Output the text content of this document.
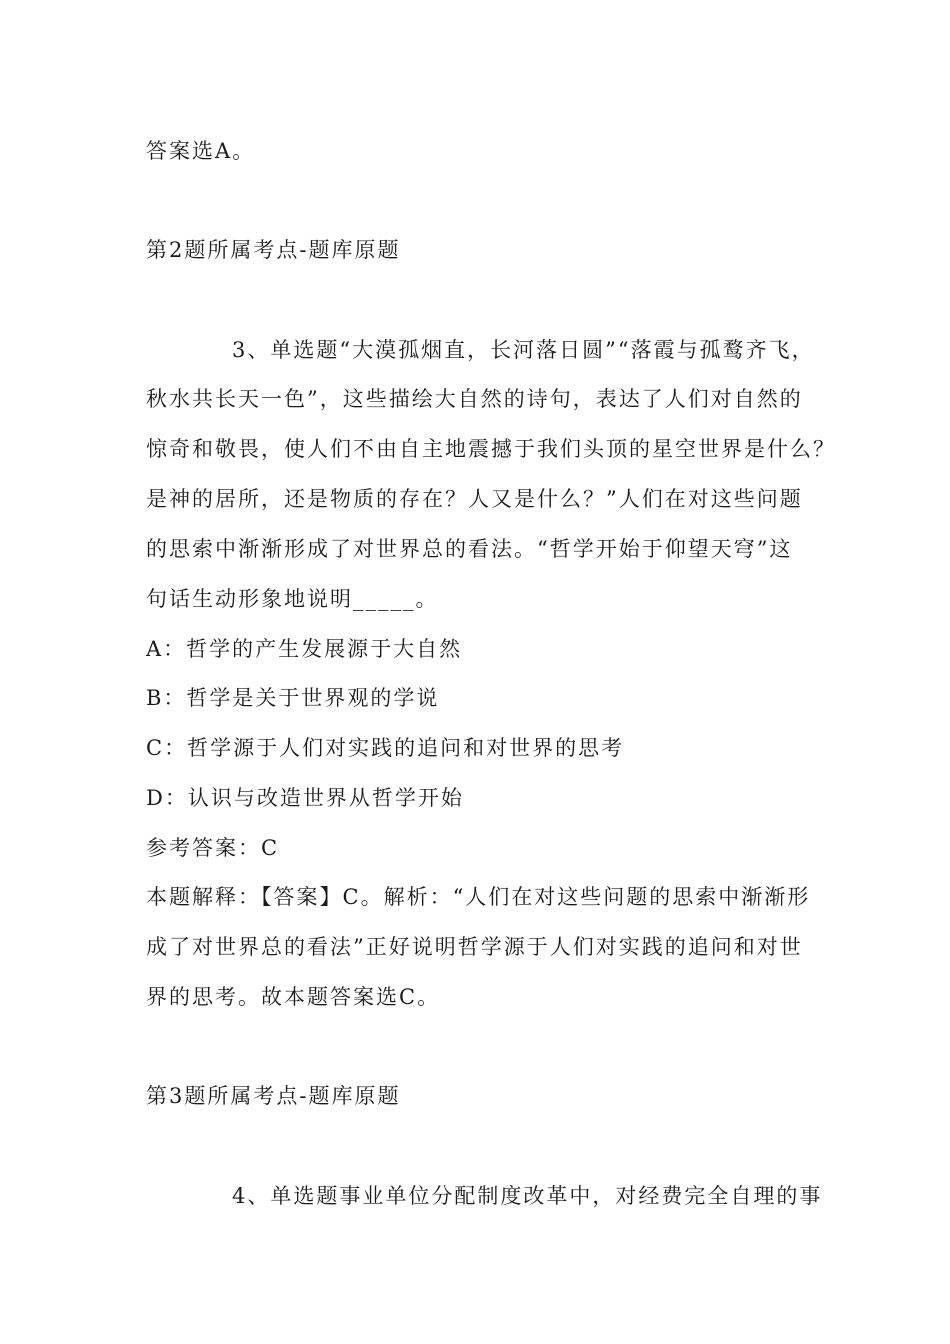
答案选A。
第2题所属考点-题库原题
3、单选题“大漠孤烟直，长河落日圆”“落霞与孤鹜齐飞，
秋水共长天一色”，这些描绘大自然的诗句，表达了人们对自然的
惊奇和敬畏，使人们不由自主地震撼于我们头顶的星空世界是什么？
是神的居所，还是物质的存在？人又是什么？”人们在对这些问题
的思索中渐渐形成了对世界总的看法。“哲学开始于仰望天穹”这
句话生动形象地说明_____。
A：哲学的产生发展源于大自然
B：哲学是关于世界观的学说
C：哲学源于人们对实践的追问和对世界的思考
D：认识与改造世界从哲学开始
参考答案：C
本题解释：【答案】C。解析：“人们在对这些问题的思索中渐渐形
成了对世界总的看法”正好说明哲学源于人们对实践的追问和对世
界的思考。故本题答案选C。
第3题所属考点-题库原题
4、单选题事业单位分配制度改革中，对经费完全自理的事
